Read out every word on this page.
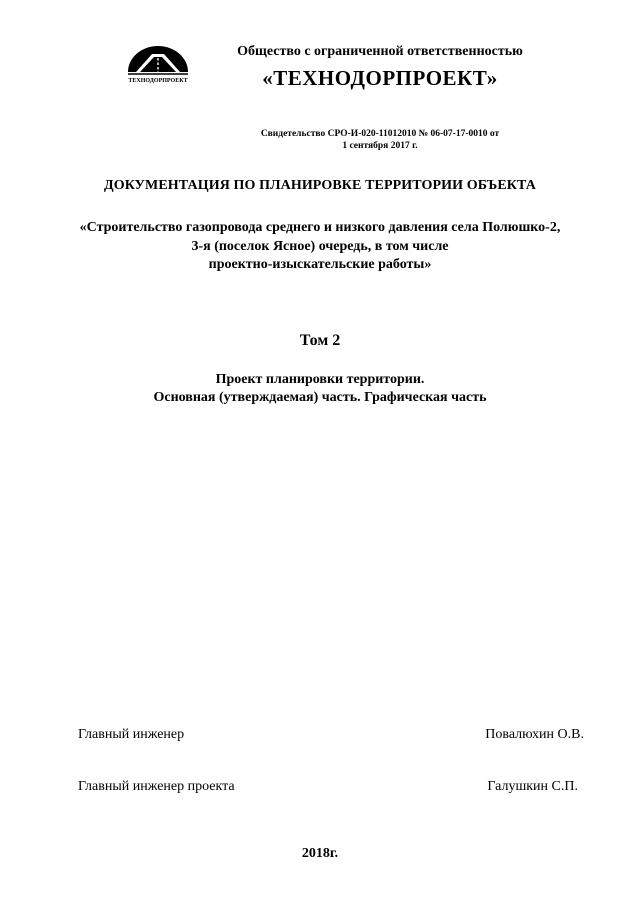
ТЕХНОДОРПРОЕКТ
Общество с ограниченной ответственностью
«ТЕХНОДОРПРОЕКТ»
Свидетельство СРО-И-020-11012010 № 06-07-17-0010 от
1 сентября 2017 г.
ДОКУМЕНТАЦИЯ ПО ПЛАНИРОВКЕ ТЕРРИТОРИИ ОБЪЕКТА
«Строительство газопровода среднего и низкого давления села Полюшко-2,
3-я (поселок Ясное) очередь, в том числе
проектно-изыскательские работы»
Том 2
Проект планировки территории.
Основная (утверждаемая) часть. Графическая часть
Главный инженер	Повалюхин О.В.
Главный инженер проекта	Галушкин С.П.
2018г.
